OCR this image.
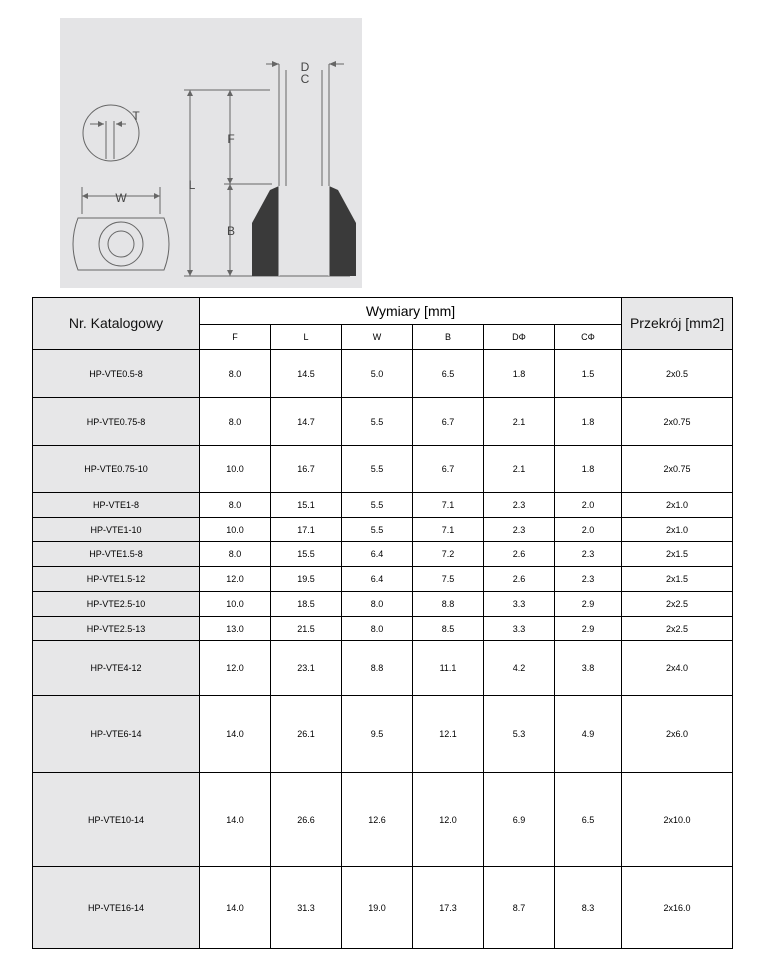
D
C
T
W
F
L
B
Nr. Katalogowy	Wymiary [mm]						Przekrój [mm2]
	F	L	W	B	DΦ	CΦ	
HP-VTE0.5-8	8.0	14.5	5.0	6.5	1.8	1.5	2x0.5
HP-VTE0.75-8	8.0	14.7	5.5	6.7	2.1	1.8	2x0.75
HP-VTE0.75-10	10.0	16.7	5.5	6.7	2.1	1.8	2x0.75
HP-VTE1-8	8.0	15.1	5.5	7.1	2.3	2.0	2x1.0
HP-VTE1-10	10.0	17.1	5.5	7.1	2.3	2.0	2x1.0
HP-VTE1.5-8	8.0	15.5	6.4	7.2	2.6	2.3	2x1.5
HP-VTE1.5-12	12.0	19.5	6.4	7.5	2.6	2.3	2x1.5
HP-VTE2.5-10	10.0	18.5	8.0	8.8	3.3	2.9	2x2.5
HP-VTE2.5-13	13.0	21.5	8.0	8.5	3.3	2.9	2x2.5
HP-VTE4-12	12.0	23.1	8.8	11.1	4.2	3.8	2x4.0
HP-VTE6-14	14.0	26.1	9.5	12.1	5.3	4.9	2x6.0
HP-VTE10-14	14.0	26.6	12.6	12.0	6.9	6.5	2x10.0
HP-VTE16-14	14.0	31.3	19.0	17.3	8.7	8.3	2x16.0
